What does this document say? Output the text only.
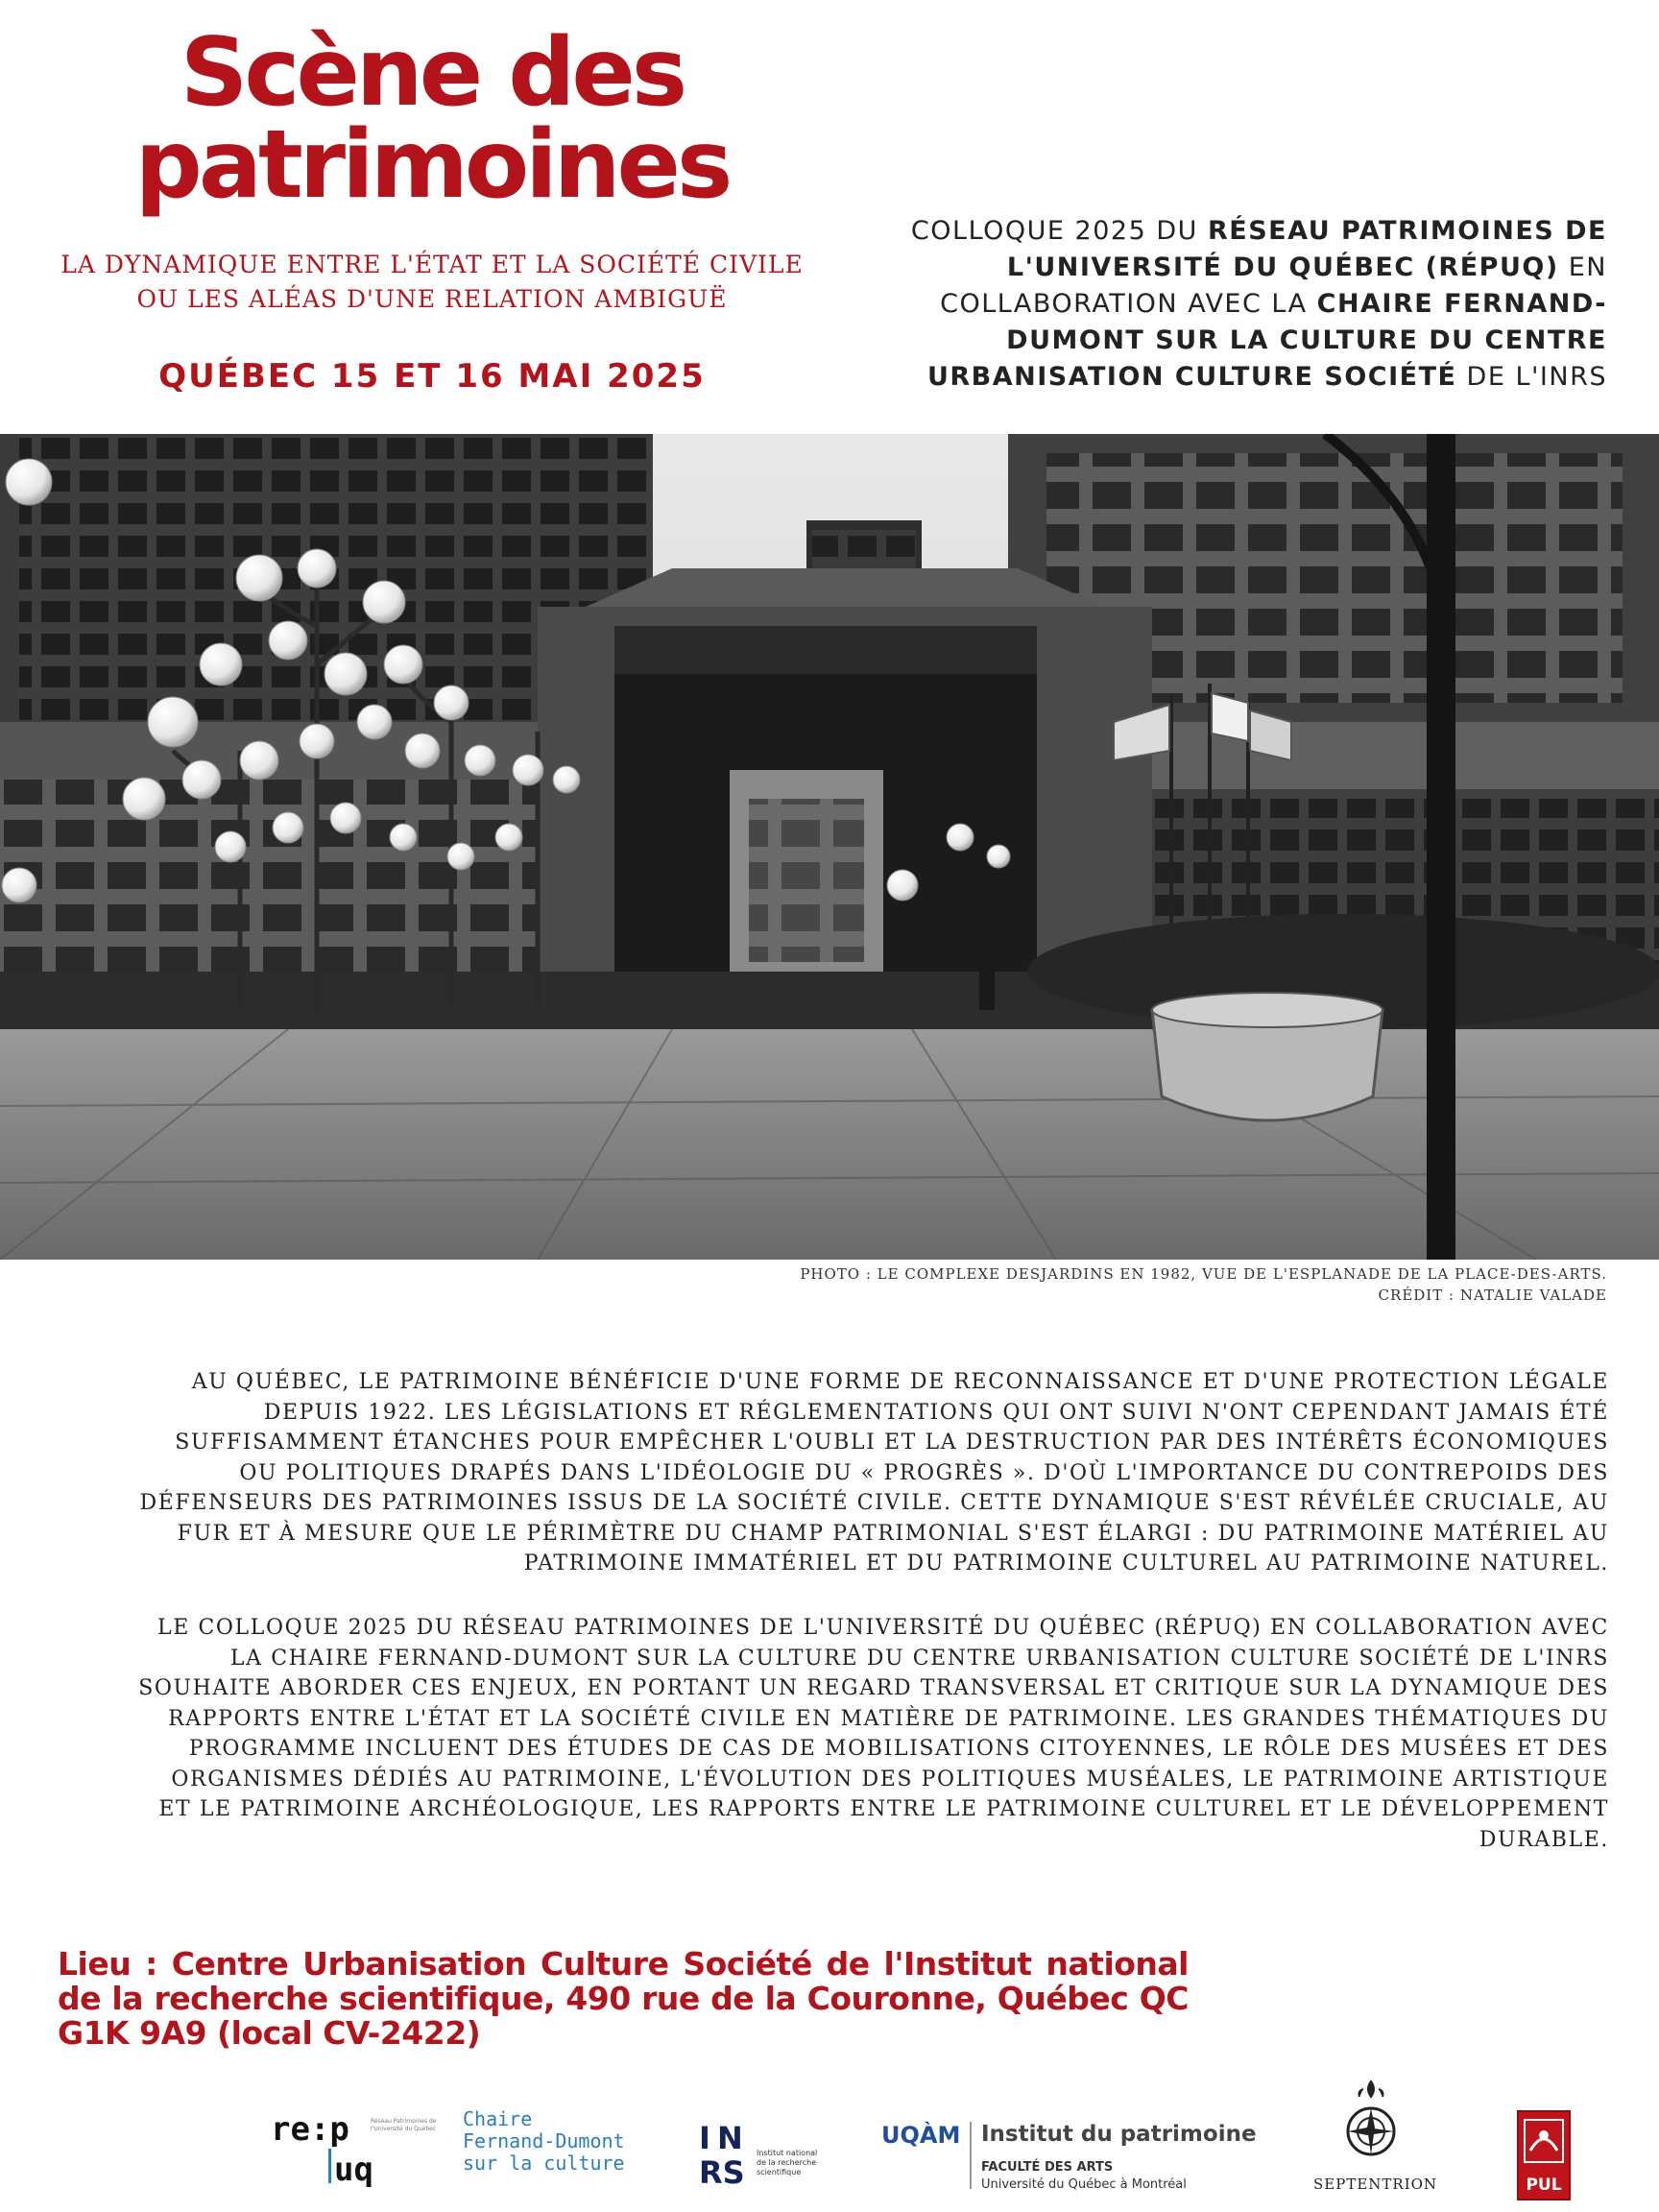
Scène des patrimoines
LA DYNAMIQUE ENTRE L'ÉTAT ET LA SOCIÉTÉ CIVILE OU LES ALÉAS D'UNE RELATION AMBIGUË
QUÉBEC 15 ET 16 MAI 2025
COLLOQUE 2025 DU RÉSEAU PATRIMOINES DE L'UNIVERSITÉ DU QUÉBEC (RÉPUQ) EN COLLABORATION AVEC LA CHAIRE FERNAND-DUMONT SUR LA CULTURE DU CENTRE URBANISATION CULTURE SOCIÉTÉ DE L'INRS
PHOTO : LE COMPLEXE DESJARDINS EN 1982, VUE DE L'ESPLANADE DE LA PLACE-DES-ARTS.
CRÉDIT : NATALIE VALADE

AU QUÉBEC, LE PATRIMOINE BÉNÉFICIE D'UNE FORME DE RECONNAISSANCE ET D'UNE PROTECTION LÉGALE DEPUIS 1922. LES LÉGISLATIONS ET RÉGLEMENTATIONS QUI ONT SUIVI N'ONT CEPENDANT JAMAIS ÉTÉ SUFFISAMMENT ÉTANCHES POUR EMPÊCHER L'OUBLI ET LA DESTRUCTION PAR DES INTÉRÊTS ÉCONOMIQUES OU POLITIQUES DRAPÉS DANS L'IDÉOLOGIE DU « PROGRÈS ». D'OÙ L'IMPORTANCE DU CONTREPOIDS DES DÉFENSEURS DES PATRIMOINES ISSUS DE LA SOCIÉTÉ CIVILE. CETTE DYNAMIQUE S'EST RÉVÉLÉE CRUCIALE, AU FUR ET À MESURE QUE LE PÉRIMÈTRE DU CHAMP PATRIMONIAL S'EST ÉLARGI : DU PATRIMOINE MATÉRIEL AU PATRIMOINE IMMATÉRIEL ET DU PATRIMOINE CULTUREL AU PATRIMOINE NATUREL.

LE COLLOQUE 2025 DU RÉSEAU PATRIMOINES DE L'UNIVERSITÉ DU QUÉBEC (RÉPUQ) EN COLLABORATION AVEC LA CHAIRE FERNAND-DUMONT SUR LA CULTURE DU CENTRE URBANISATION CULTURE SOCIÉTÉ DE L'INRS SOUHAITE ABORDER CES ENJEUX, EN PORTANT UN REGARD TRANSVERSAL ET CRITIQUE SUR LA DYNAMIQUE DES RAPPORTS ENTRE L'ÉTAT ET LA SOCIÉTÉ CIVILE EN MATIÈRE DE PATRIMOINE. LES GRANDES THÉMATIQUES DU PROGRAMME INCLUENT DES ÉTUDES DE CAS DE MOBILISATIONS CITOYENNES, LE RÔLE DES MUSÉES ET DES ORGANISMES DÉDIÉS AU PATRIMOINE, L'ÉVOLUTION DES POLITIQUES MUSÉALES, LE PATRIMOINE ARTISTIQUE ET LE PATRIMOINE ARCHÉOLOGIQUE, LES RAPPORTS ENTRE LE PATRIMOINE CULTUREL ET LE DÉVELOPPEMENT DURABLE.

Lieu : Centre Urbanisation Culture Société de l'Institut national de la recherche scientifique, 490 rue de la Couronne, Québec QC G1K 9A9 (local CV-2422)
re:p
uq
Réseau Patrimoines de l'Université du Québec Chaire
Fernand-Dumont
sur la culture
I N
RS
Institut national
de la recherche
scientifique
UQÀM Institut du patrimoine
FACULTÉ DES ARTS
Université du Québec à Montréal	SEPTENTRION	PUL
